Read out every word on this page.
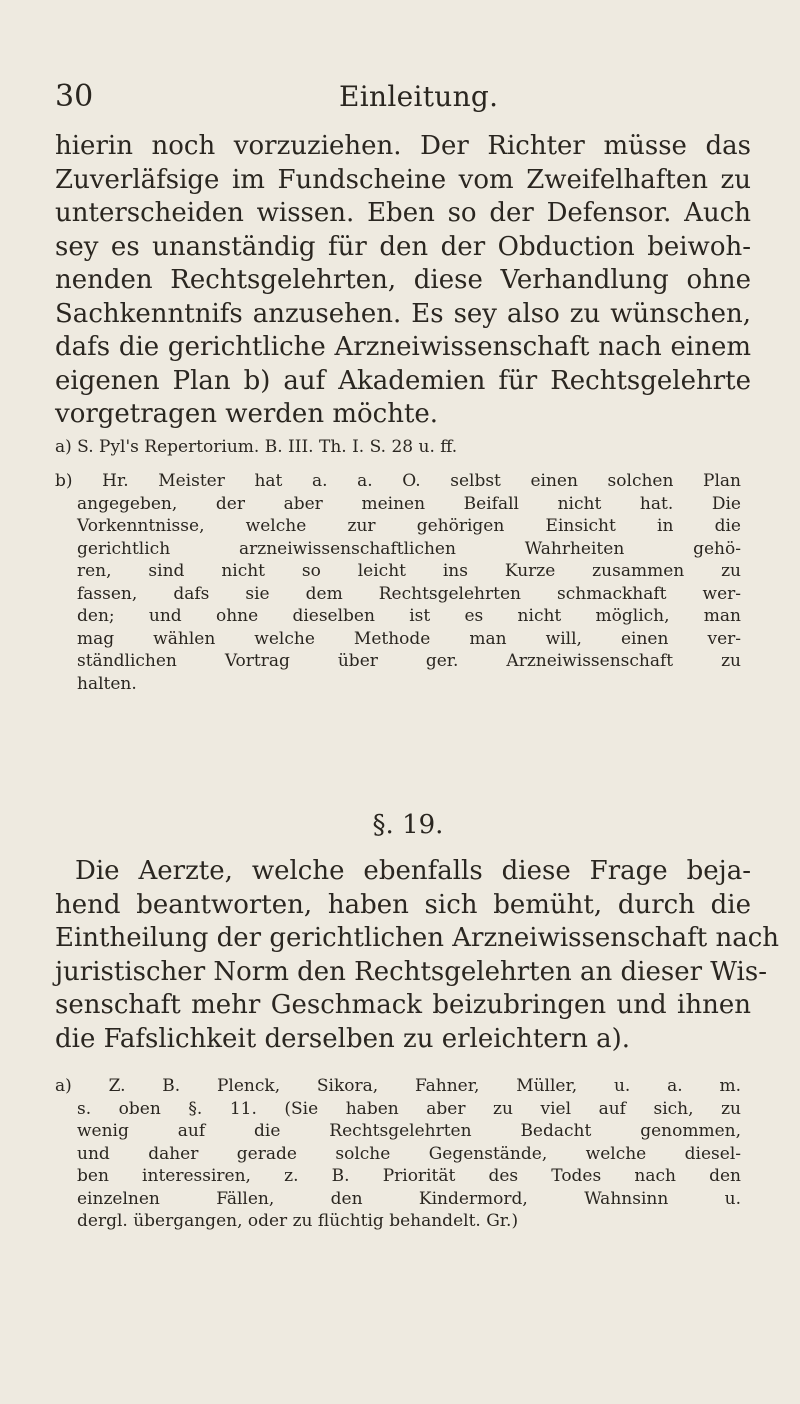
30	Einleitung.
hierin noch vorzuziehen. Der Richter müsse das
Zuverläfsige im Fundscheine vom Zweifelhaften zu
unterscheiden wissen. Eben so der Defensor. Auch
sey es unanständig für den der Obduction beiwoh-
nenden Rechtsgelehrten, diese Verhandlung ohne
Sachkenntnifs anzusehen. Es sey also zu wünschen,
dafs die gerichtliche Arzneiwissenschaft nach einem
eigenen Plan b) auf Akademien für Rechtsgelehrte
vorgetragen werden möchte.
a) S. Pyl's Repertorium. B. III. Th. I. S. 28 u. ff.
b) Hr. Meister hat a. a. O. selbst einen solchen Plan
angegeben, der aber meinen Beifall nicht hat. Die
Vorkenntnisse, welche zur gehörigen Einsicht in die
gerichtlich arzneiwissenschaftlichen Wahrheiten gehö-
ren, sind nicht so leicht ins Kurze zusammen zu
fassen, dafs sie dem Rechtsgelehrten schmackhaft wer-
den; und ohne dieselben ist es nicht möglich, man
mag wählen welche Methode man will, einen ver-
ständlichen Vortrag über ger. Arzneiwissenschaft zu
halten.
§. 19.
Die Aerzte, welche ebenfalls diese Frage beja-
hend beantworten, haben sich bemüht, durch die
Eintheilung der gerichtlichen Arzneiwissenschaft nach
juristischer Norm den Rechtsgelehrten an dieser Wis-
senschaft mehr Geschmack beizubringen und ihnen
die Fafslichkeit derselben zu erleichtern a).
a) Z. B. Plenck, Sikora, Fahner, Müller, u. a. m.
s. oben §. 11. (Sie haben aber zu viel auf sich, zu
wenig auf die Rechtsgelehrten Bedacht genommen,
und daher gerade solche Gegenstände, welche diesel-
ben interessiren, z. B. Priorität des Todes nach den
einzelnen Fällen, den Kindermord, Wahnsinn u.
dergl. übergangen, oder zu flüchtig behandelt. Gr.)
